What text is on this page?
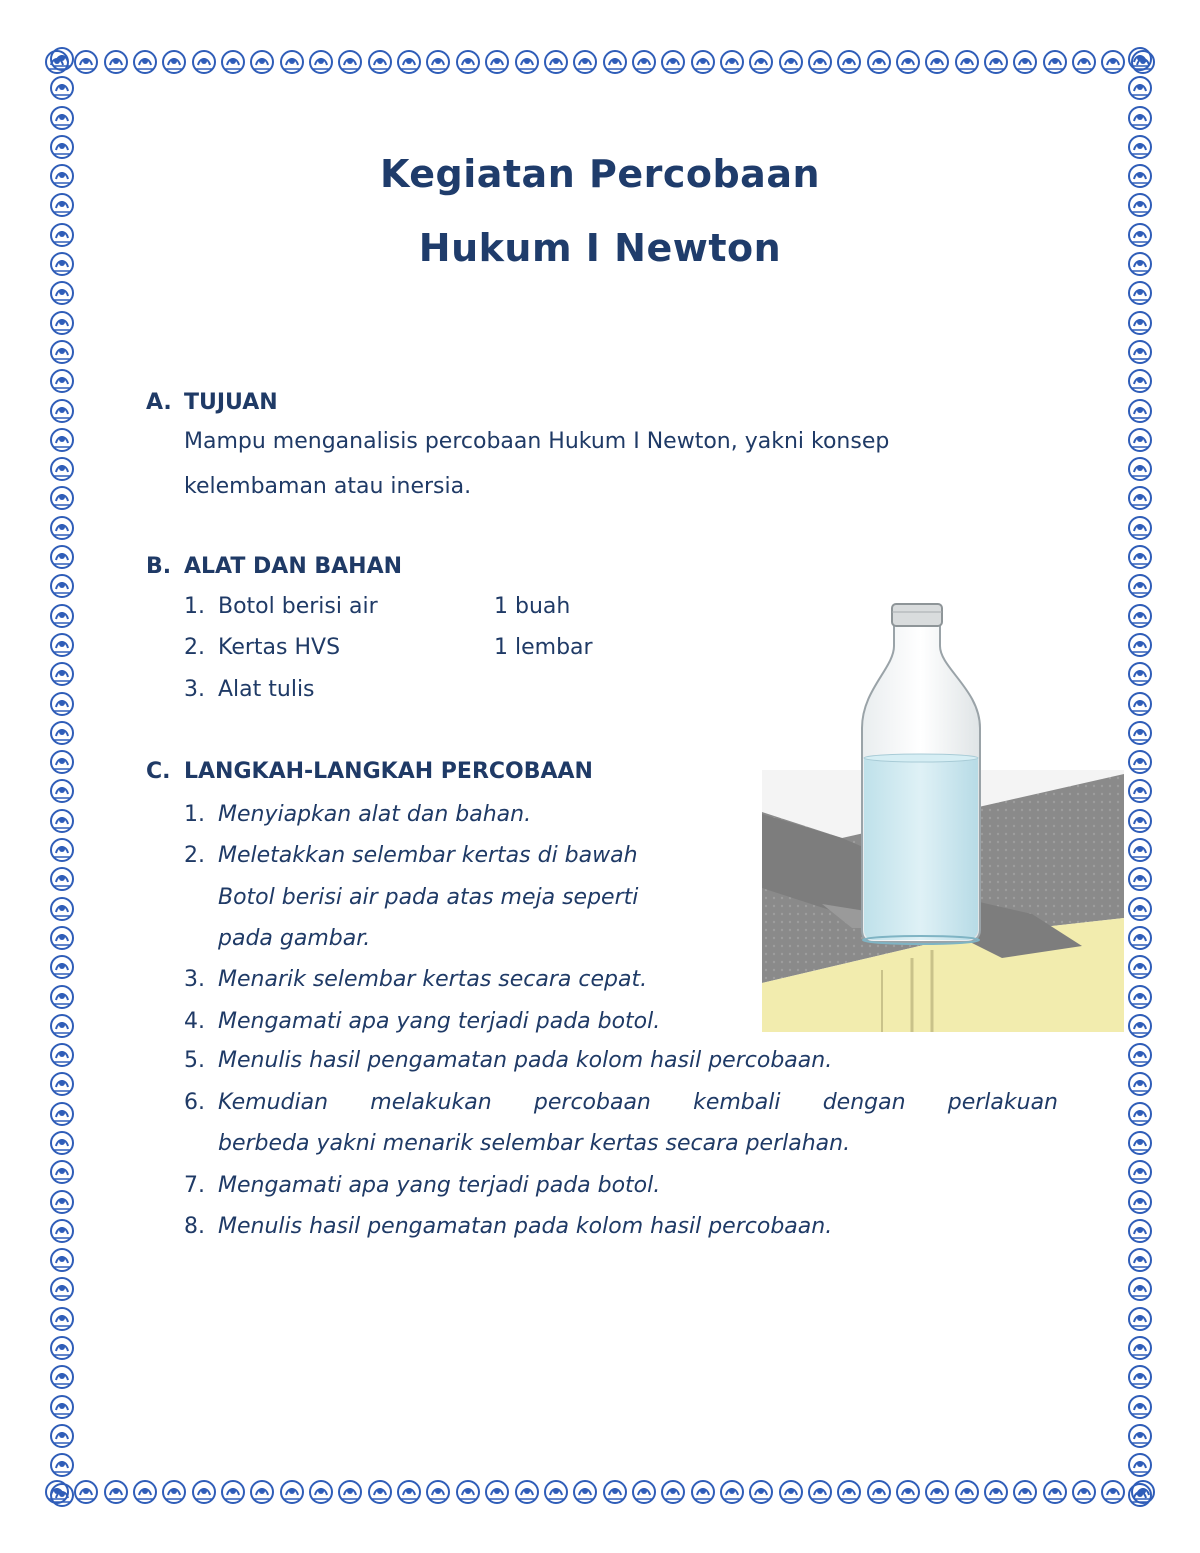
Kegiatan Percobaan
Hukum I Newton
A. TUJUAN
Mampu menganalisis percobaan Hukum I Newton, yakni konsep
kelembaman atau inersia.
B. ALAT DAN BAHAN
1. Botol berisi air	1 buah
2. Kertas HVS	1 lembar
3. Alat tulis
C. LANGKAH-LANGKAH PERCOBAAN
1. Menyiapkan alat dan bahan.
2. Meletakkan selembar kertas di bawah
Botol berisi air pada atas meja seperti
pada gambar.
3. Menarik selembar kertas secara cepat.
4. Mengamati apa yang terjadi pada botol.
5. Menulis hasil pengamatan pada kolom hasil percobaan.
6. Kemudian melakukan percobaan kembali dengan perlakuan
berbeda yakni menarik selembar kertas secara perlahan.
7. Mengamati apa yang terjadi pada botol.
8. Menulis hasil pengamatan pada kolom hasil percobaan.
